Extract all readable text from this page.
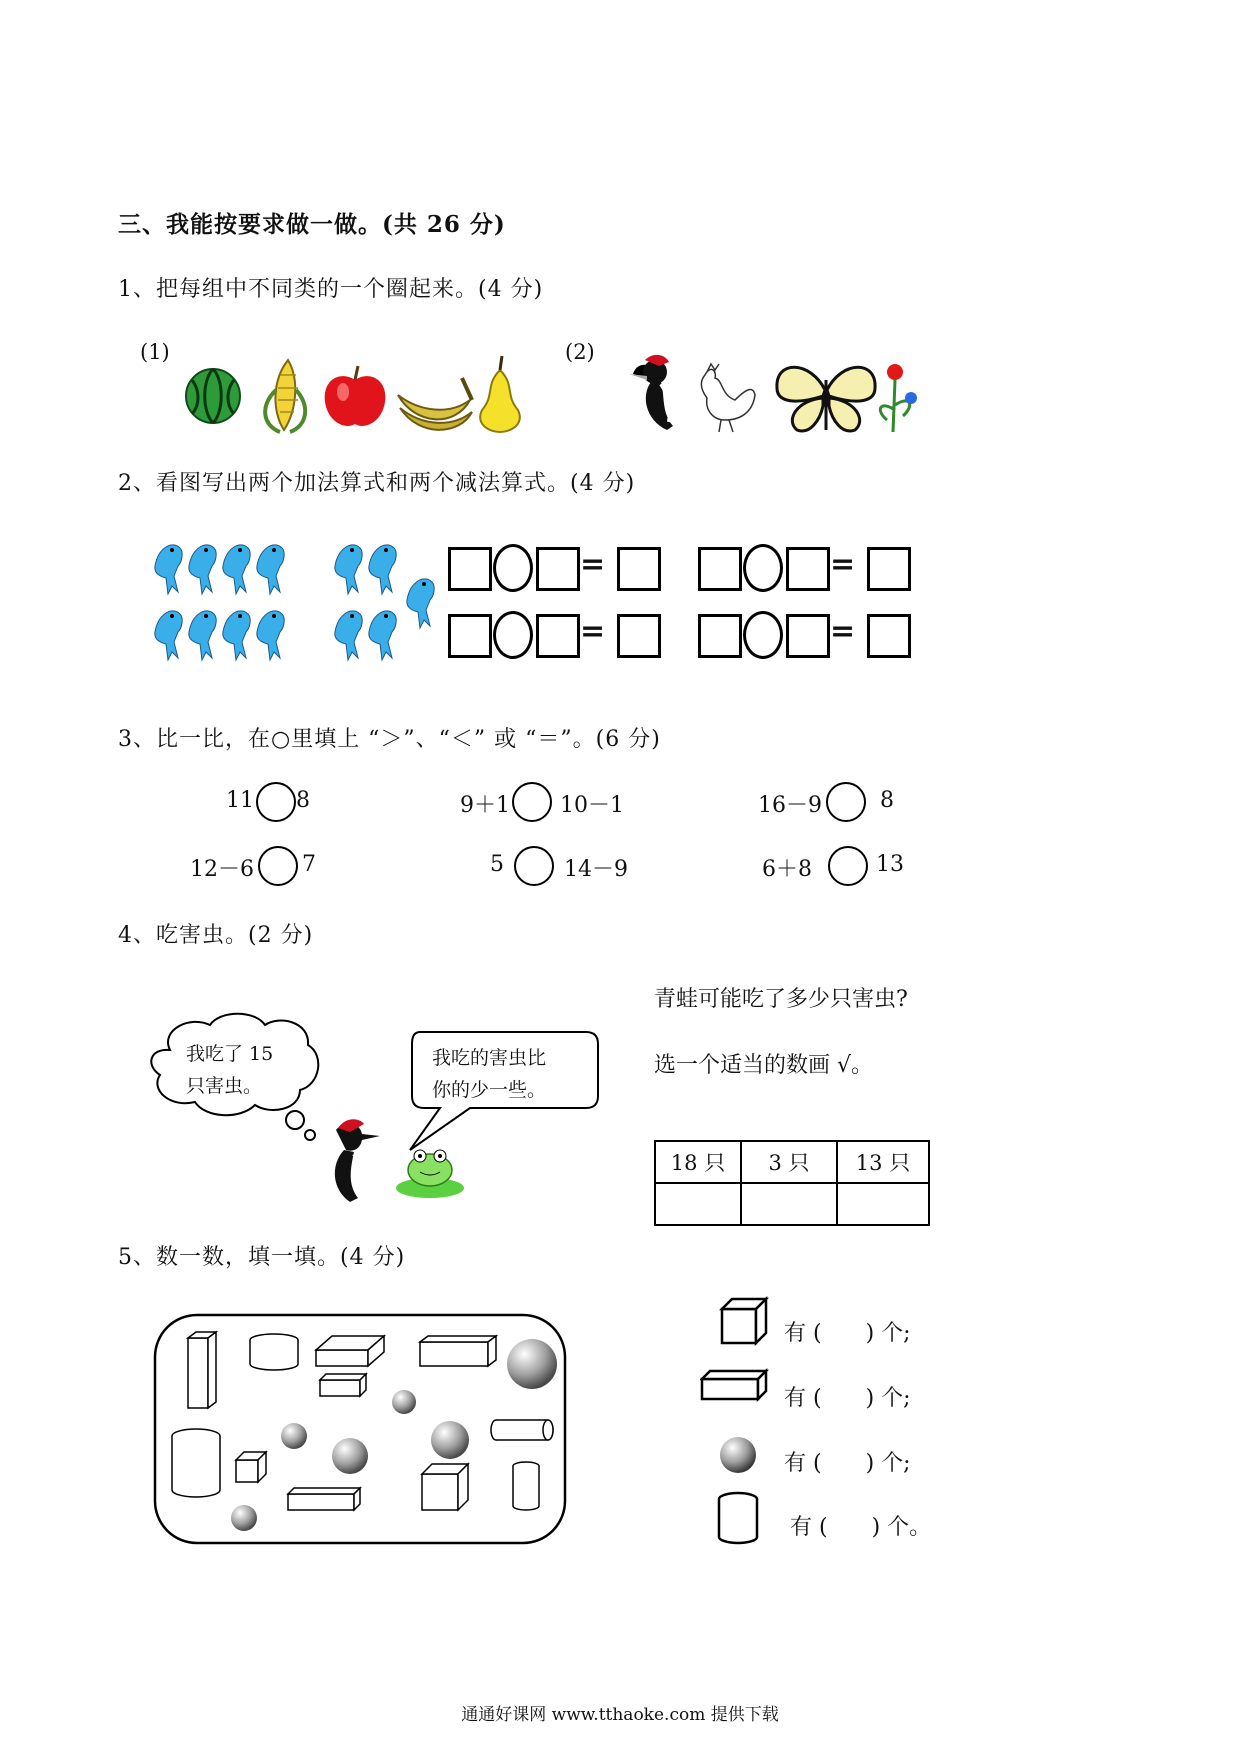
三、我能按要求做一做。(共 26 分)
1、把每组中不同类的一个圈起来。(4 分)
(1)	(2)
2、看图写出两个加法算式和两个减法算式。(4 分)
=	=
=	=
3、比一比，在○里填上 “＞”、“＜” 或 “＝”。(6 分)
11 8	9＋1 10－1	16－9	8
12－6 7	5	14－9	6＋8	13
4、吃害虫。(2 分)
我吃了 15
只害虫。
我吃的害虫比
你的少一些。
青蛙可能吃了多少只害虫?
选一个适当的数画 √。
18 只	3 只	13 只

5、数一数，填一填。(4 分)
有 (　　) 个;
有 (　　) 个;
有 (　　) 个;
有 (　　) 个。
通通好课网 www.tthaoke.com 提供下载
